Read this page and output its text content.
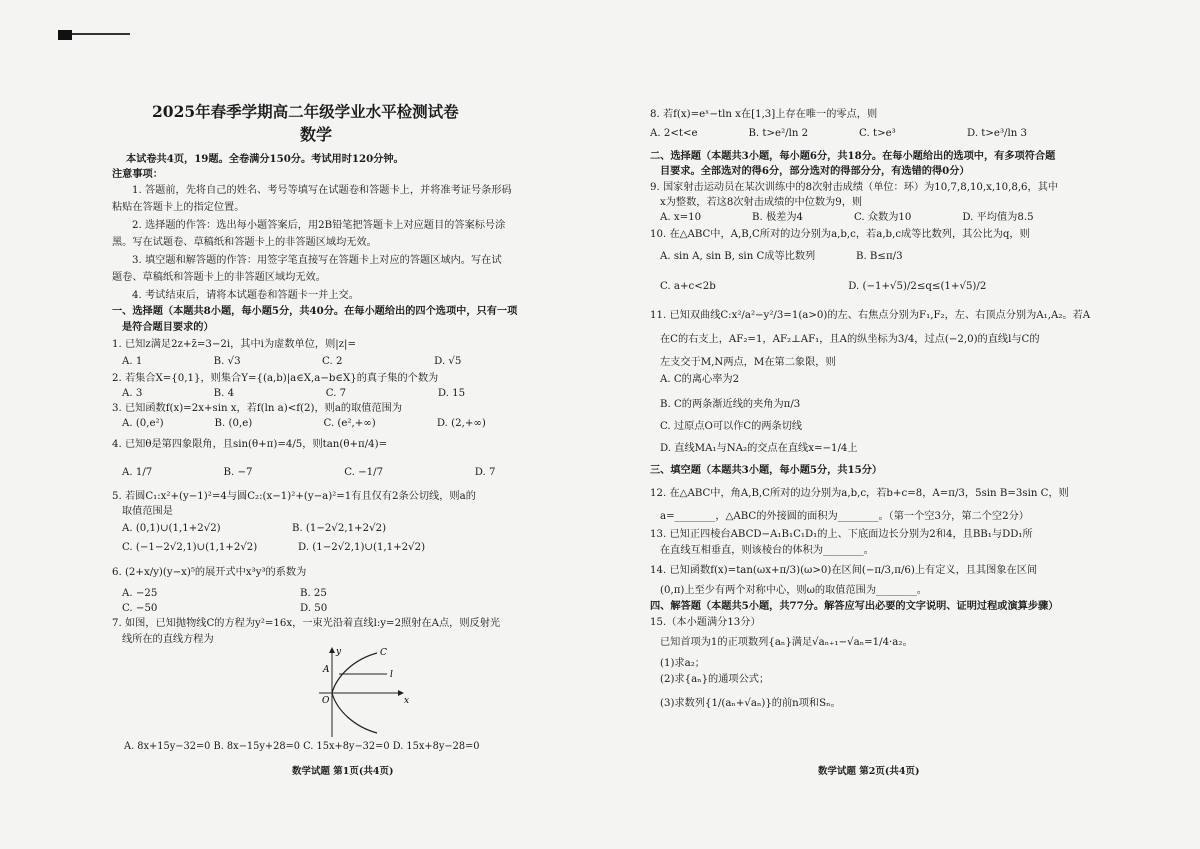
2025年春季学期高二年级学业水平检测试卷
数学
本试卷共4页，19题。全卷满分150分。考试用时120分钟。
注意事项：
1. 答题前，先将自己的姓名、考号等填写在试题卷和答题卡上，并将准考证号条形码
粘贴在答题卡上的指定位置。
2. 选择题的作答：选出每小题答案后，用2B铅笔把答题卡上对应题目的答案标号涂
黑。写在试题卷、草稿纸和答题卡上的非答题区域均无效。
3. 填空题和解答题的作答：用签字笔直接写在答题卡上对应的答题区域内。写在试
题卷、草稿纸和答题卡上的非答题区域均无效。
4. 考试结束后，请将本试题卷和答题卡一并上交。
一、选择题（本题共8小题，每小题5分，共40分。在每小题给出的四个选项中，只有一项
是符合题目要求的）
1. 已知z满足2z+z̄=3−2i，其中i为虚数单位，则|z|=
A. 1　　　　　　　B. √3　　　　　　　　C. 2　　　　　　　　　D. √5
2. 若集合X={0,1}，则集合Y={(a,b)|a∈X,a−b∈X}的真子集的个数为
A. 3　　　　　　　B. 4　　　　　　　　　C. 7　　　　　　　　　D. 15
3. 已知函数f(x)=2x+sin x，若f(ln a)<f(2)，则a的取值范围为
A. (0,e²)　　　　　B. (0,e)　　　　　　　C. (e²,+∞)　　　　　　D. (2,+∞)
4. 已知θ是第四象限角，且sin(θ+π)=4/5，则tan(θ+π/4)=
A. 1/7　　　　　　　B. −7　　　　　　　　　C. −1/7　　　　　　　　　D. 7
5. 若圆C₁:x²+(y−1)²=4与圆C₂:(x−1)²+(y−a)²=1有且仅有2条公切线，则a的
取值范围是
A. (0,1)∪(1,1+2√2)　　　　　　　B. (1−2√2,1+2√2)
C. (−1−2√2,1)∪(1,1+2√2)　　　　D. (1−2√2,1)∪(1,1+2√2)
6. (2+x/y)(y−x)⁵的展开式中x³y³的系数为
A. −25　　　　　　　　　　　　　　B. 25
C. −50　　　　　　　　　　　　　　D. 50
7. 如图，已知抛物线C的方程为y²=16x，一束光沿着直线l:y=2照射在A点，则反射光
线所在的直线方程为
C
A	l
y
x
O
A. 8x+15y−32=0 B. 8x−15y+28=0 C. 15x+8y−32=0 D. 15x+8y−28=0
数学试题 第1页(共4页)
8. 若f(x)=eˣ−tln x在[1,3]上存在唯一的零点，则
A. 2<t<e　　　　　B. t>e²/ln 2　　　　　C. t>e³　　　　　　　D. t>e³/ln 3
二、选择题（本题共3小题，每小题6分，共18分。在每小题给出的选项中，有多项符合题
目要求。全部选对的得6分，部分选对的得部分分，有选错的得0分）
9. 国家射击运动员在某次训练中的8次射击成绩（单位：环）为10,7,8,10,x,10,8,6，其中
x为整数，若这8次射击成绩的中位数为9，则
A. x=10　　　　　B. 极差为4　　　　　C. 众数为10　　　　　D. 平均值为8.5
10. 在△ABC中，A,B,C所对的边分别为a,b,c，若a,b,c成等比数列，其公比为q，则
A. sin A, sin B, sin C成等比数列　　　　B. B≤π/3
C. a+c<2b　　　　　　　　　　　　　D. (−1+√5)/2≤q≤(1+√5)/2
11. 已知双曲线C:x²/a²−y²/3=1(a>0)的左、右焦点分别为F₁,F₂，左、右顶点分别为A₁,A₂。若A
在C的右支上，AF₂=1，AF₂⊥AF₁，且A的纵坐标为3/4，过点(−2,0)的直线l与C的
左支交于M,N两点，M在第二象限，则
A. C的离心率为2
B. C的两条渐近线的夹角为π/3
C. 过原点O可以作C的两条切线
D. 直线MA₁与NA₂的交点在直线x=−1/4上
三、填空题（本题共3小题，每小题5分，共15分）
12. 在△ABC中，角A,B,C所对的边分别为a,b,c，若b+c=8，A=π/3，5sin B=3sin C，则
a=________，△ABC的外接圆的面积为________。（第一个空3分，第二个空2分）
13. 已知正四棱台ABCD−A₁B₁C₁D₁的上、下底面边长分别为2和4，且BB₁与DD₁所
在直线互相垂直，则该棱台的体积为________。
14. 已知函数f(x)=tan(ωx+π/3)(ω>0)在区间(−π/3,π/6)上有定义，且其图象在区间
(0,π)上至少有两个对称中心，则ω的取值范围为________。
四、解答题（本题共5小题，共77分。解答应写出必要的文字说明、证明过程或演算步骤）
15.（本小题满分13分）
已知首项为1的正项数列{aₙ}满足√aₙ₊₁−√aₙ=1/4·a₂。
(1)求a₂；
(2)求{aₙ}的通项公式；
(3)求数列{1/(aₙ+√aₙ)}的前n项和Sₙ。
数学试题 第2页(共4页)
